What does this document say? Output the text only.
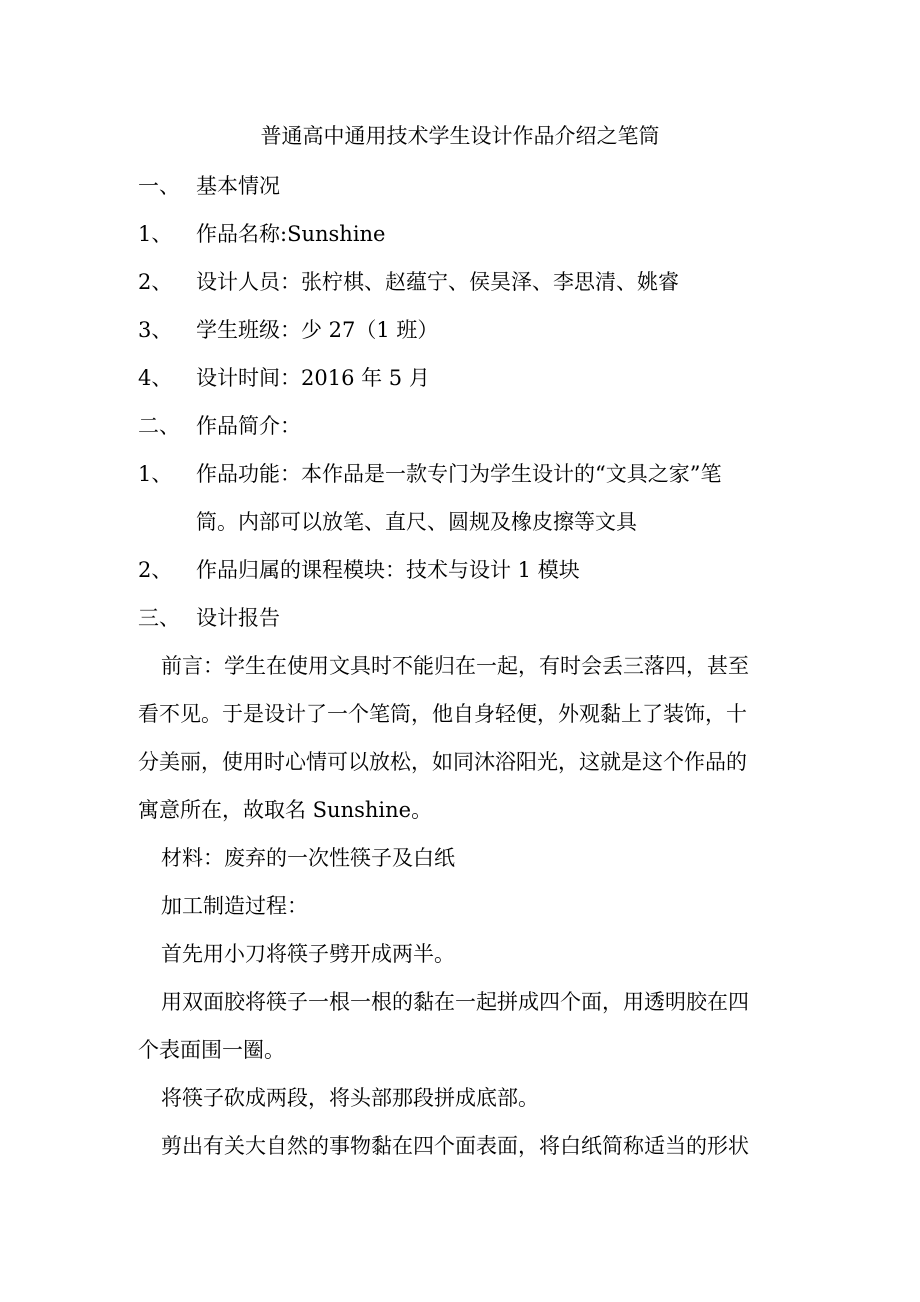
普通高中通用技术学生设计作品介绍之笔筒
一、 基本情况
1、 作品名称:Sunshine
2、 设计人员：张柠棋、赵蕴宁、侯昊泽、李思清、姚睿
3、 学生班级：少 27（1 班）
4、 设计时间：2016 年 5 月
二、 作品简介：
1、 作品功能：本作品是一款专门为学生设计的“文具之家”笔
筒。内部可以放笔、直尺、圆规及橡皮擦等文具
2、 作品归属的课程模块：技术与设计 1 模块
三、 设计报告
前言：学生在使用文具时不能归在一起，有时会丢三落四，甚至
看不见。于是设计了一个笔筒，他自身轻便，外观黏上了装饰，十
分美丽，使用时心情可以放松，如同沐浴阳光，这就是这个作品的
寓意所在，故取名 Sunshine。
材料：废弃的一次性筷子及白纸
加工制造过程：
首先用小刀将筷子劈开成两半。
用双面胶将筷子一根一根的黏在一起拼成四个面，用透明胶在四
个表面围一圈。
将筷子砍成两段，将头部那段拼成底部。
剪出有关大自然的事物黏在四个面表面，将白纸简称适当的形状
